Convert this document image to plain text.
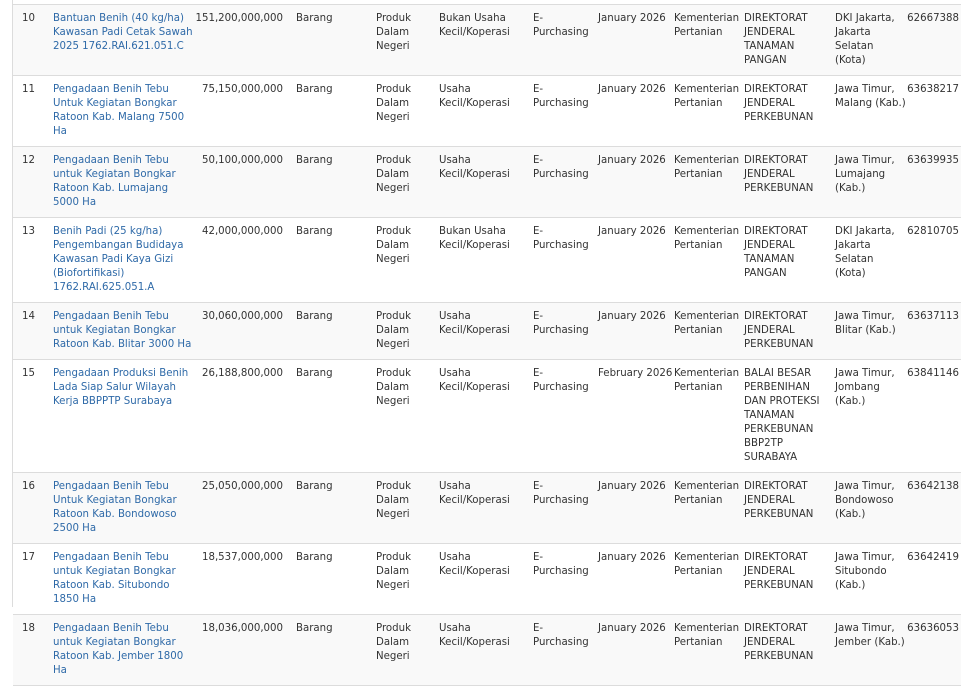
10	Bantuan Benih (40 kg/ha) Kawasan Padi Cetak Sawah 2025 1762.RAI.621.051.C	151,200,000,000	Barang	Produk Dalam Negeri	Bukan Usaha Kecil/Koperasi	E-Purchasing	January 2026	Kementerian Pertanian	DIREKTORAT JENDERAL TANAMAN PANGAN	DKI Jakarta, Jakarta Selatan (Kota)	62667388
11	Pengadaan Benih Tebu Untuk Kegiatan Bongkar Ratoon Kab. Malang 7500 Ha	75,150,000,000	Barang	Produk Dalam Negeri	Usaha Kecil/Koperasi	E-Purchasing	January 2026	Kementerian Pertanian	DIREKTORAT JENDERAL PERKEBUNAN	Jawa Timur, Malang (Kab.)	63638217
12	Pengadaan Benih Tebu untuk Kegiatan Bongkar Ratoon Kab. Lumajang 5000 Ha	50,100,000,000	Barang	Produk Dalam Negeri	Usaha Kecil/Koperasi	E-Purchasing	January 2026	Kementerian Pertanian	DIREKTORAT JENDERAL PERKEBUNAN	Jawa Timur, Lumajang (Kab.)	63639935
13	Benih Padi (25 kg/ha) Pengembangan Budidaya Kawasan Padi Kaya Gizi (Biofortifikasi) 1762.RAI.625.051.A	42,000,000,000	Barang	Produk Dalam Negeri	Bukan Usaha Kecil/Koperasi	E-Purchasing	January 2026	Kementerian Pertanian	DIREKTORAT JENDERAL TANAMAN PANGAN	DKI Jakarta, Jakarta Selatan (Kota)	62810705
14	Pengadaan Benih Tebu untuk Kegiatan Bongkar Ratoon Kab. Blitar 3000 Ha	30,060,000,000	Barang	Produk Dalam Negeri	Usaha Kecil/Koperasi	E-Purchasing	January 2026	Kementerian Pertanian	DIREKTORAT JENDERAL PERKEBUNAN	Jawa Timur, Blitar (Kab.)	63637113
15	Pengadaan Produksi Benih Lada Siap Salur Wilayah Kerja BBPPTP Surabaya	26,188,800,000	Barang	Produk Dalam Negeri	Usaha Kecil/Koperasi	E-Purchasing	February 2026	Kementerian Pertanian	BALAI BESAR PERBENIHAN DAN PROTEKSI TANAMAN PERKEBUNAN BBP2TP SURABAYA	Jawa Timur, Jombang (Kab.)	63841146
16	Pengadaan Benih Tebu Untuk Kegiatan Bongkar Ratoon Kab. Bondowoso 2500 Ha	25,050,000,000	Barang	Produk Dalam Negeri	Usaha Kecil/Koperasi	E-Purchasing	January 2026	Kementerian Pertanian	DIREKTORAT JENDERAL PERKEBUNAN	Jawa Timur, Bondowoso (Kab.)	63642138
17	Pengadaan Benih Tebu untuk Kegiatan Bongkar Ratoon Kab. Situbondo 1850 Ha	18,537,000,000	Barang	Produk Dalam Negeri	Usaha Kecil/Koperasi	E-Purchasing	January 2026	Kementerian Pertanian	DIREKTORAT JENDERAL PERKEBUNAN	Jawa Timur, Situbondo (Kab.)	63642419
18	Pengadaan Benih Tebu untuk Kegiatan Bongkar Ratoon Kab. Jember 1800 Ha	18,036,000,000	Barang	Produk Dalam Negeri	Usaha Kecil/Koperasi	E-Purchasing	January 2026	Kementerian Pertanian	DIREKTORAT JENDERAL PERKEBUNAN	Jawa Timur, Jember (Kab.)	63636053
